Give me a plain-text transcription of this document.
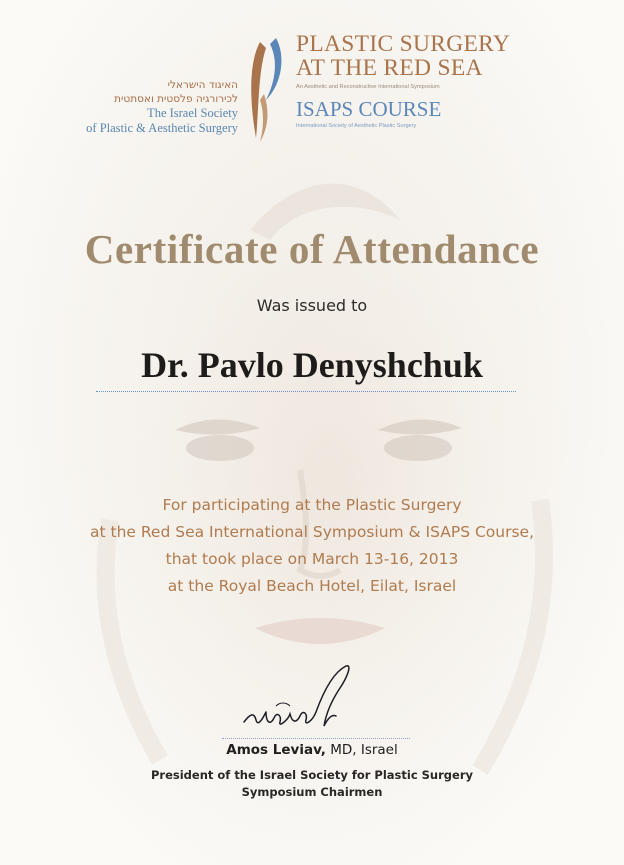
האיגוד הישראלי
לכירורגיה פלסטית ואסתטית
The Israel Society
of Plastic & Aesthetic Surgery
PLASTIC SURGERY
AT THE RED SEA
An Aesthetic and Reconstructive International Symposium
ISAPS COURSE
International Society of Aesthetic Plastic Surgery
Certificate of Attendance
Was issued to
Dr. Pavlo Denyshchuk
For participating at the Plastic Surgery
at the Red Sea International Symposium & ISAPS Course,
that took place on March 13-16, 2013
at the Royal Beach Hotel, Eilat, Israel
Amos Leviav, MD, Israel
President of the Israel Society for Plastic Surgery
Symposium Chairmen
